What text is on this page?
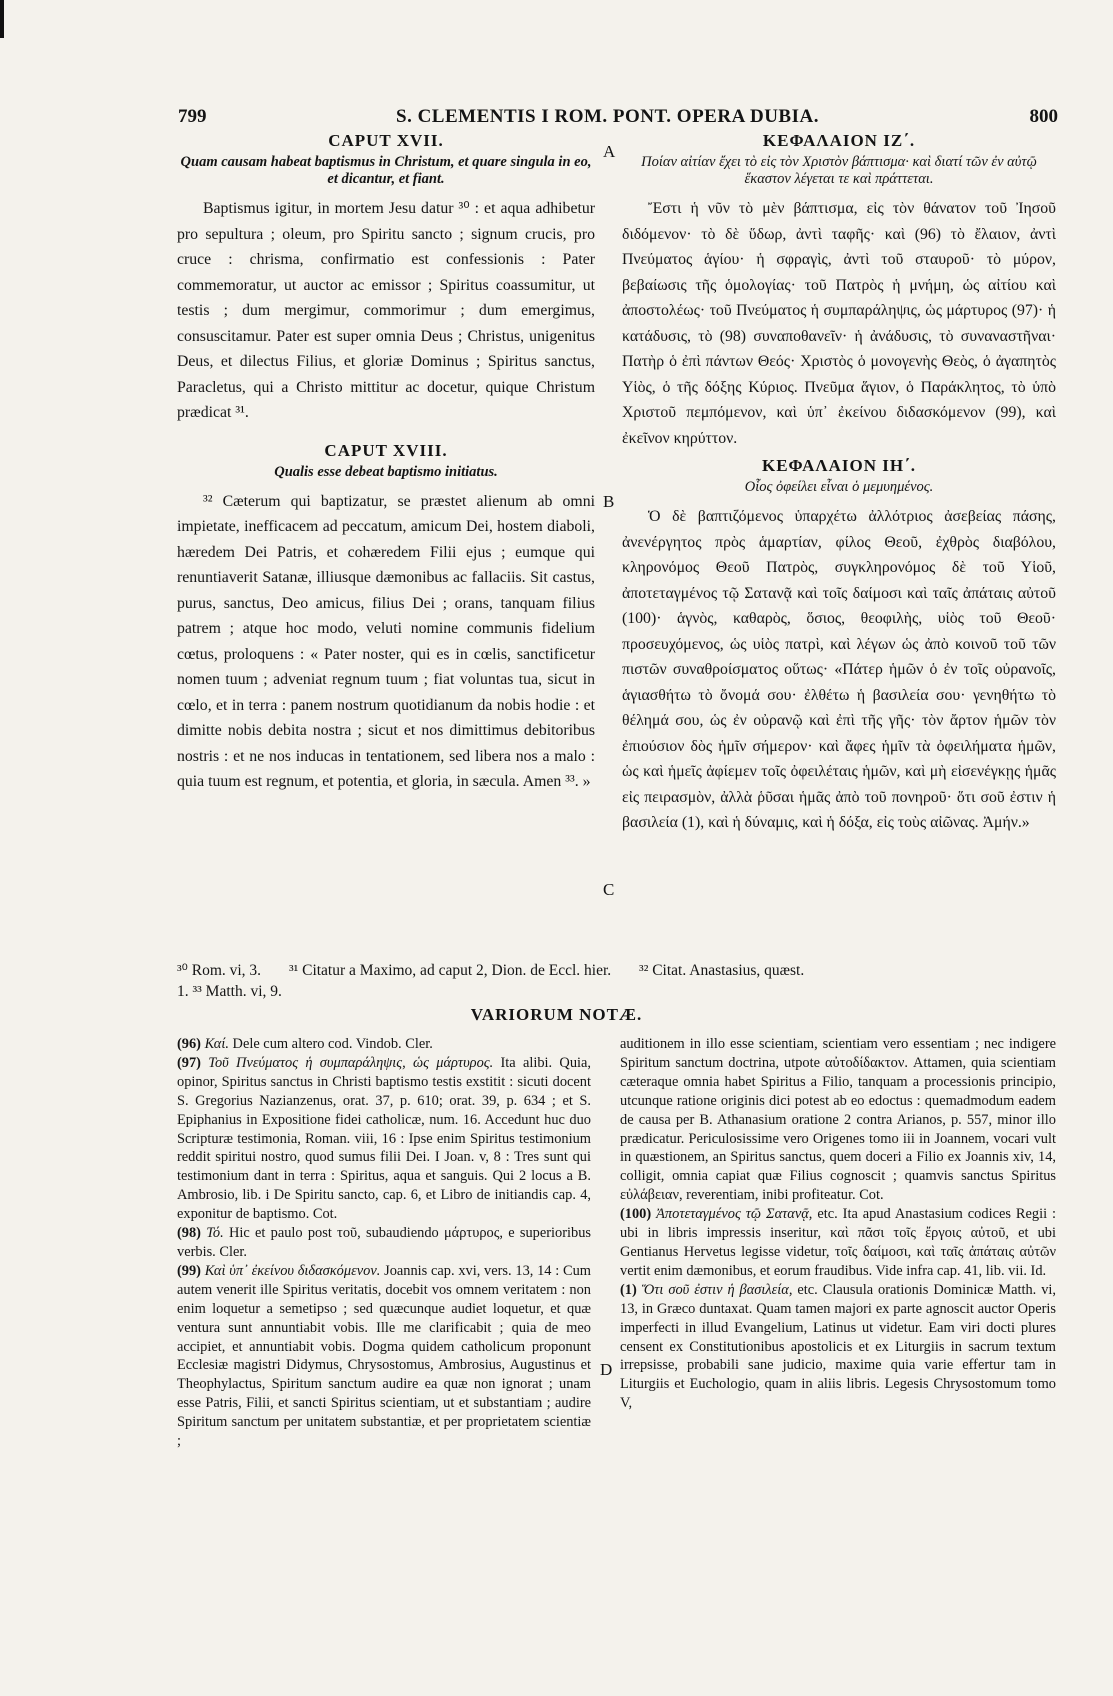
799	S. CLEMENTIS I ROM. PONT. OPERA DUBIA.	800
A
B
C
D

CAPUT XVII.

Quam causam habeat baptismus in Christum, et quare singula in eo, et dicantur, et fiant.

Baptismus igitur, in mortem Jesu datur ³⁰ : et aqua adhibetur pro sepultura ; oleum, pro Spiritu sancto ; signum crucis, pro cruce : chrisma, confirmatio est confessionis : Pater commemoratur, ut auctor ac emissor ; Spiritus coassumitur, ut testis ; dum mergimur, commorimur ; dum emergimus, consuscitamur. Pater est super omnia Deus ; Christus, unigenitus Deus, et dilectus Filius, et gloriæ Dominus ; Spiritus sanctus, Paracletus, qui a Christo mittitur ac docetur, quique Christum prædicat ³¹.

CAPUT XVIII.

Qualis esse debeat baptismo initiatus.

³² Cæterum qui baptizatur, se præstet alienum ab omni impietate, inefficacem ad peccatum, amicum Dei, hostem diaboli, hæredem Dei Patris, et cohæredem Filii ejus ; eumque qui renuntiaverit Satanæ, illiusque dæmonibus ac fallaciis. Sit castus, purus, sanctus, Deo amicus, filius Dei ; orans, tanquam filius patrem ; atque hoc modo, veluti nomine communis fidelium cœtus, proloquens : « Pater noster, qui es in cœlis, sanctificetur nomen tuum ; adveniat regnum tuum ; fiat voluntas tua, sicut in cœlo, et in terra : panem nostrum quotidianum da nobis hodie : et dimitte nobis debita nostra ; sicut et nos dimittimus debitoribus nostris : et ne nos inducas in tentationem, sed libera nos a malo : quia tuum est regnum, et potentia, et gloria, in sæcula. Amen ³³. »

ΚΕΦΑΛΑΙΟΝ ΙΖ΄.

Ποίαν αἰτίαν ἔχει τὸ εἰς τὸν Χριστὸν βάπτισμα· καὶ διατί τῶν ἐν αὐτῷ ἕκαστον λέγεται τε καὶ πράττεται.

Ἔστι ἡ νῦν τὸ μὲν βάπτισμα, εἰς τὸν θάνατον τοῦ Ἰησοῦ διδόμενον· τὸ δὲ ὕδωρ, ἀντὶ ταφῆς· καὶ (96) τὸ ἔλαιον, ἀντὶ Πνεύματος ἁγίου· ἡ σφραγὶς, ἀντὶ τοῦ σταυροῦ· τὸ μύρον, βεβαίωσις τῆς ὁμολογίας· τοῦ Πατρὸς ἡ μνήμη, ὡς αἰτίου καὶ ἀποστολέως· τοῦ Πνεύματος ἡ συμπαράληψις, ὡς μάρτυρος (97)· ἡ κατάδυσις, τὸ (98) συναποθανεῖν· ἡ ἀνάδυσις, τὸ συναναστῆναι· Πατὴρ ὁ ἐπὶ πάντων Θεός· Χριστὸς ὁ μονογενὴς Θεὸς, ὁ ἀγαπητὸς Υἱὸς, ὁ τῆς δόξης Κύριος. Πνεῦμα ἅγιον, ὁ Παράκλητος, τὸ ὑπὸ Χριστοῦ πεμπόμενον, καὶ ὑπ᾽ ἐκείνου διδασκόμενον (99), καὶ ἐκεῖνον κηρύττον.

ΚΕΦΑΛΑΙΟΝ ΙΗ΄.

Οἷος ὀφείλει εἶναι ὁ μεμυημένος.

Ὁ δὲ βαπτιζόμενος ὑπαρχέτω ἀλλότριος ἀσεβείας πάσης, ἀνενέργητος πρὸς ἁμαρτίαν, φίλος Θεοῦ, ἐχθρὸς διαβόλου, κληρονόμος Θεοῦ Πατρὸς, συγκληρονόμος δὲ τοῦ Υἱοῦ, ἀποτεταγμένος τῷ Σατανᾷ καὶ τοῖς δαίμοσι καὶ ταῖς ἀπάταις αὐτοῦ (100)· ἁγνὸς, καθαρὸς, ὅσιος, θεοφιλὴς, υἱὸς τοῦ Θεοῦ· προσευχόμενος, ὡς υἱὸς πατρὶ, καὶ λέγων ὡς ἀπὸ κοινοῦ τοῦ τῶν πιστῶν συναθροίσματος οὕτως· «Πάτερ ἡμῶν ὁ ἐν τοῖς οὐρανοῖς, ἁγιασθήτω τὸ ὄνομά σου· ἐλθέτω ἡ βασιλεία σου· γενηθήτω τὸ θέλημά σου, ὡς ἐν οὐρανῷ καὶ ἐπὶ τῆς γῆς· τὸν ἄρτον ἡμῶν τὸν ἐπιούσιον δὸς ἡμῖν σήμερον· καὶ ἄφες ἡμῖν τὰ ὀφειλήματα ἡμῶν, ὡς καὶ ἡμεῖς ἀφίεμεν τοῖς ὀφειλέταις ἡμῶν, καὶ μὴ εἰσενέγκῃς ἡμᾶς εἰς πειρασμὸν, ἀλλὰ ῥῦσαι ἡμᾶς ἀπὸ τοῦ πονηροῦ· ὅτι σοῦ ἐστιν ἡ βασιλεία (1), καὶ ἡ δύναμις, καὶ ἡ δόξα, εἰς τοὺς αἰῶνας. Ἀμήν.»

³⁰ Rom. vi, 3. ³¹ Citatur a Maximo, ad caput 2, Dion. de Eccl. hier. ³² Citat. Anastasius, quæst.

1. ³³ Matth. vi, 9.

VARIORUM NOTÆ.

(96) Καί. Dele cum altero cod. Vindob. Cler.

(97) Τοῦ Πνεύματος ἡ συμπαράληψις, ὡς μάρτυρος. Ita alibi. Quia, opinor, Spiritus sanctus in Christi baptismo testis exstitit : sicuti docent S. Gregorius Nazianzenus, orat. 37, p. 610; orat. 39, p. 634 ; et S. Epiphanius in Expositione fidei catholicæ, num. 16. Accedunt huc duo Scripturæ testimonia, Roman. viii, 16 : Ipse enim Spiritus testimonium reddit spiritui nostro, quod sumus filii Dei. I Joan. v, 8 : Tres sunt qui testimonium dant in terra : Spiritus, aqua et sanguis. Qui 2 locus a B. Ambrosio, lib. i De Spiritu sancto, cap. 6, et Libro de initiandis cap. 4, exponitur de baptismo. Cot.

(98) Τό. Hic et paulo post τοῦ, subaudiendo μάρτυρος, e superioribus verbis. Cler.

(99) Καὶ ὑπ᾽ ἐκείνου διδασκόμενον. Joannis cap. xvi, vers. 13, 14 : Cum autem venerit ille Spiritus veritatis, docebit vos omnem veritatem : non enim loquetur a semetipso ; sed quæcunque audiet loquetur, et quæ ventura sunt annuntiabit vobis. Ille me clarificabit ; quia de meo accipiet, et annuntiabit vobis. Dogma quidem catholicum proponunt Ecclesiæ magistri Didymus, Chrysostomus, Ambrosius, Augustinus et Theophylactus, Spiritum sanctum audire ea quæ non ignorat ; unam esse Patris, Filii, et sancti Spiritus scientiam, ut et substantiam ; audire Spiritum sanctum per unitatem substantiæ, et per proprietatem scientiæ ;

auditionem in illo esse scientiam, scientiam vero essentiam ; nec indigere Spiritum sanctum doctrina, utpote αὐτοδίδακτον. Attamen, quia scientiam cæteraque omnia habet Spiritus a Filio, tanquam a processionis principio, utcunque ratione originis dici potest ab eo edoctus : quemadmodum eadem de causa per B. Athanasium oratione 2 contra Arianos, p. 557, minor illo prædicatur. Periculosissime vero Origenes tomo iii in Joannem, vocari vult in quæstionem, an Spiritus sanctus, quem doceri a Filio ex Joannis xiv, 14, colligit, omnia capiat quæ Filius cognoscit ; quamvis sanctus Spiritus εὐλάβειαν, reverentiam, inibi profiteatur. Cot.

(100) Ἀποτεταγμένος τῷ Σατανᾷ, etc. Ita apud Anastasium codices Regii : ubi in libris impressis inseritur, καὶ πᾶσι τοῖς ἔργοις αὐτοῦ, et ubi Gentianus Hervetus legisse videtur, τοῖς δαίμοσι, καὶ ταῖς ἀπάταις αὐτῶν vertit enim dæmonibus, et eorum fraudibus. Vide infra cap. 41, lib. vii. Id.

(1) Ὅτι σοῦ ἐστιν ἡ βασιλεία, etc. Clausula orationis Dominicæ Matth. vi, 13, in Græco duntaxat. Quam tamen majori ex parte agnoscit auctor Operis imperfecti in illud Evangelium, Latinus ut videtur. Eam viri docti plures censent ex Constitutionibus apostolicis et ex Liturgiis in sacrum textum irrepsisse, probabili sane judicio, maxime quia varie effertur tam in Liturgiis et Euchologio, quam in aliis libris. Legesis Chrysostomum tomo V,
